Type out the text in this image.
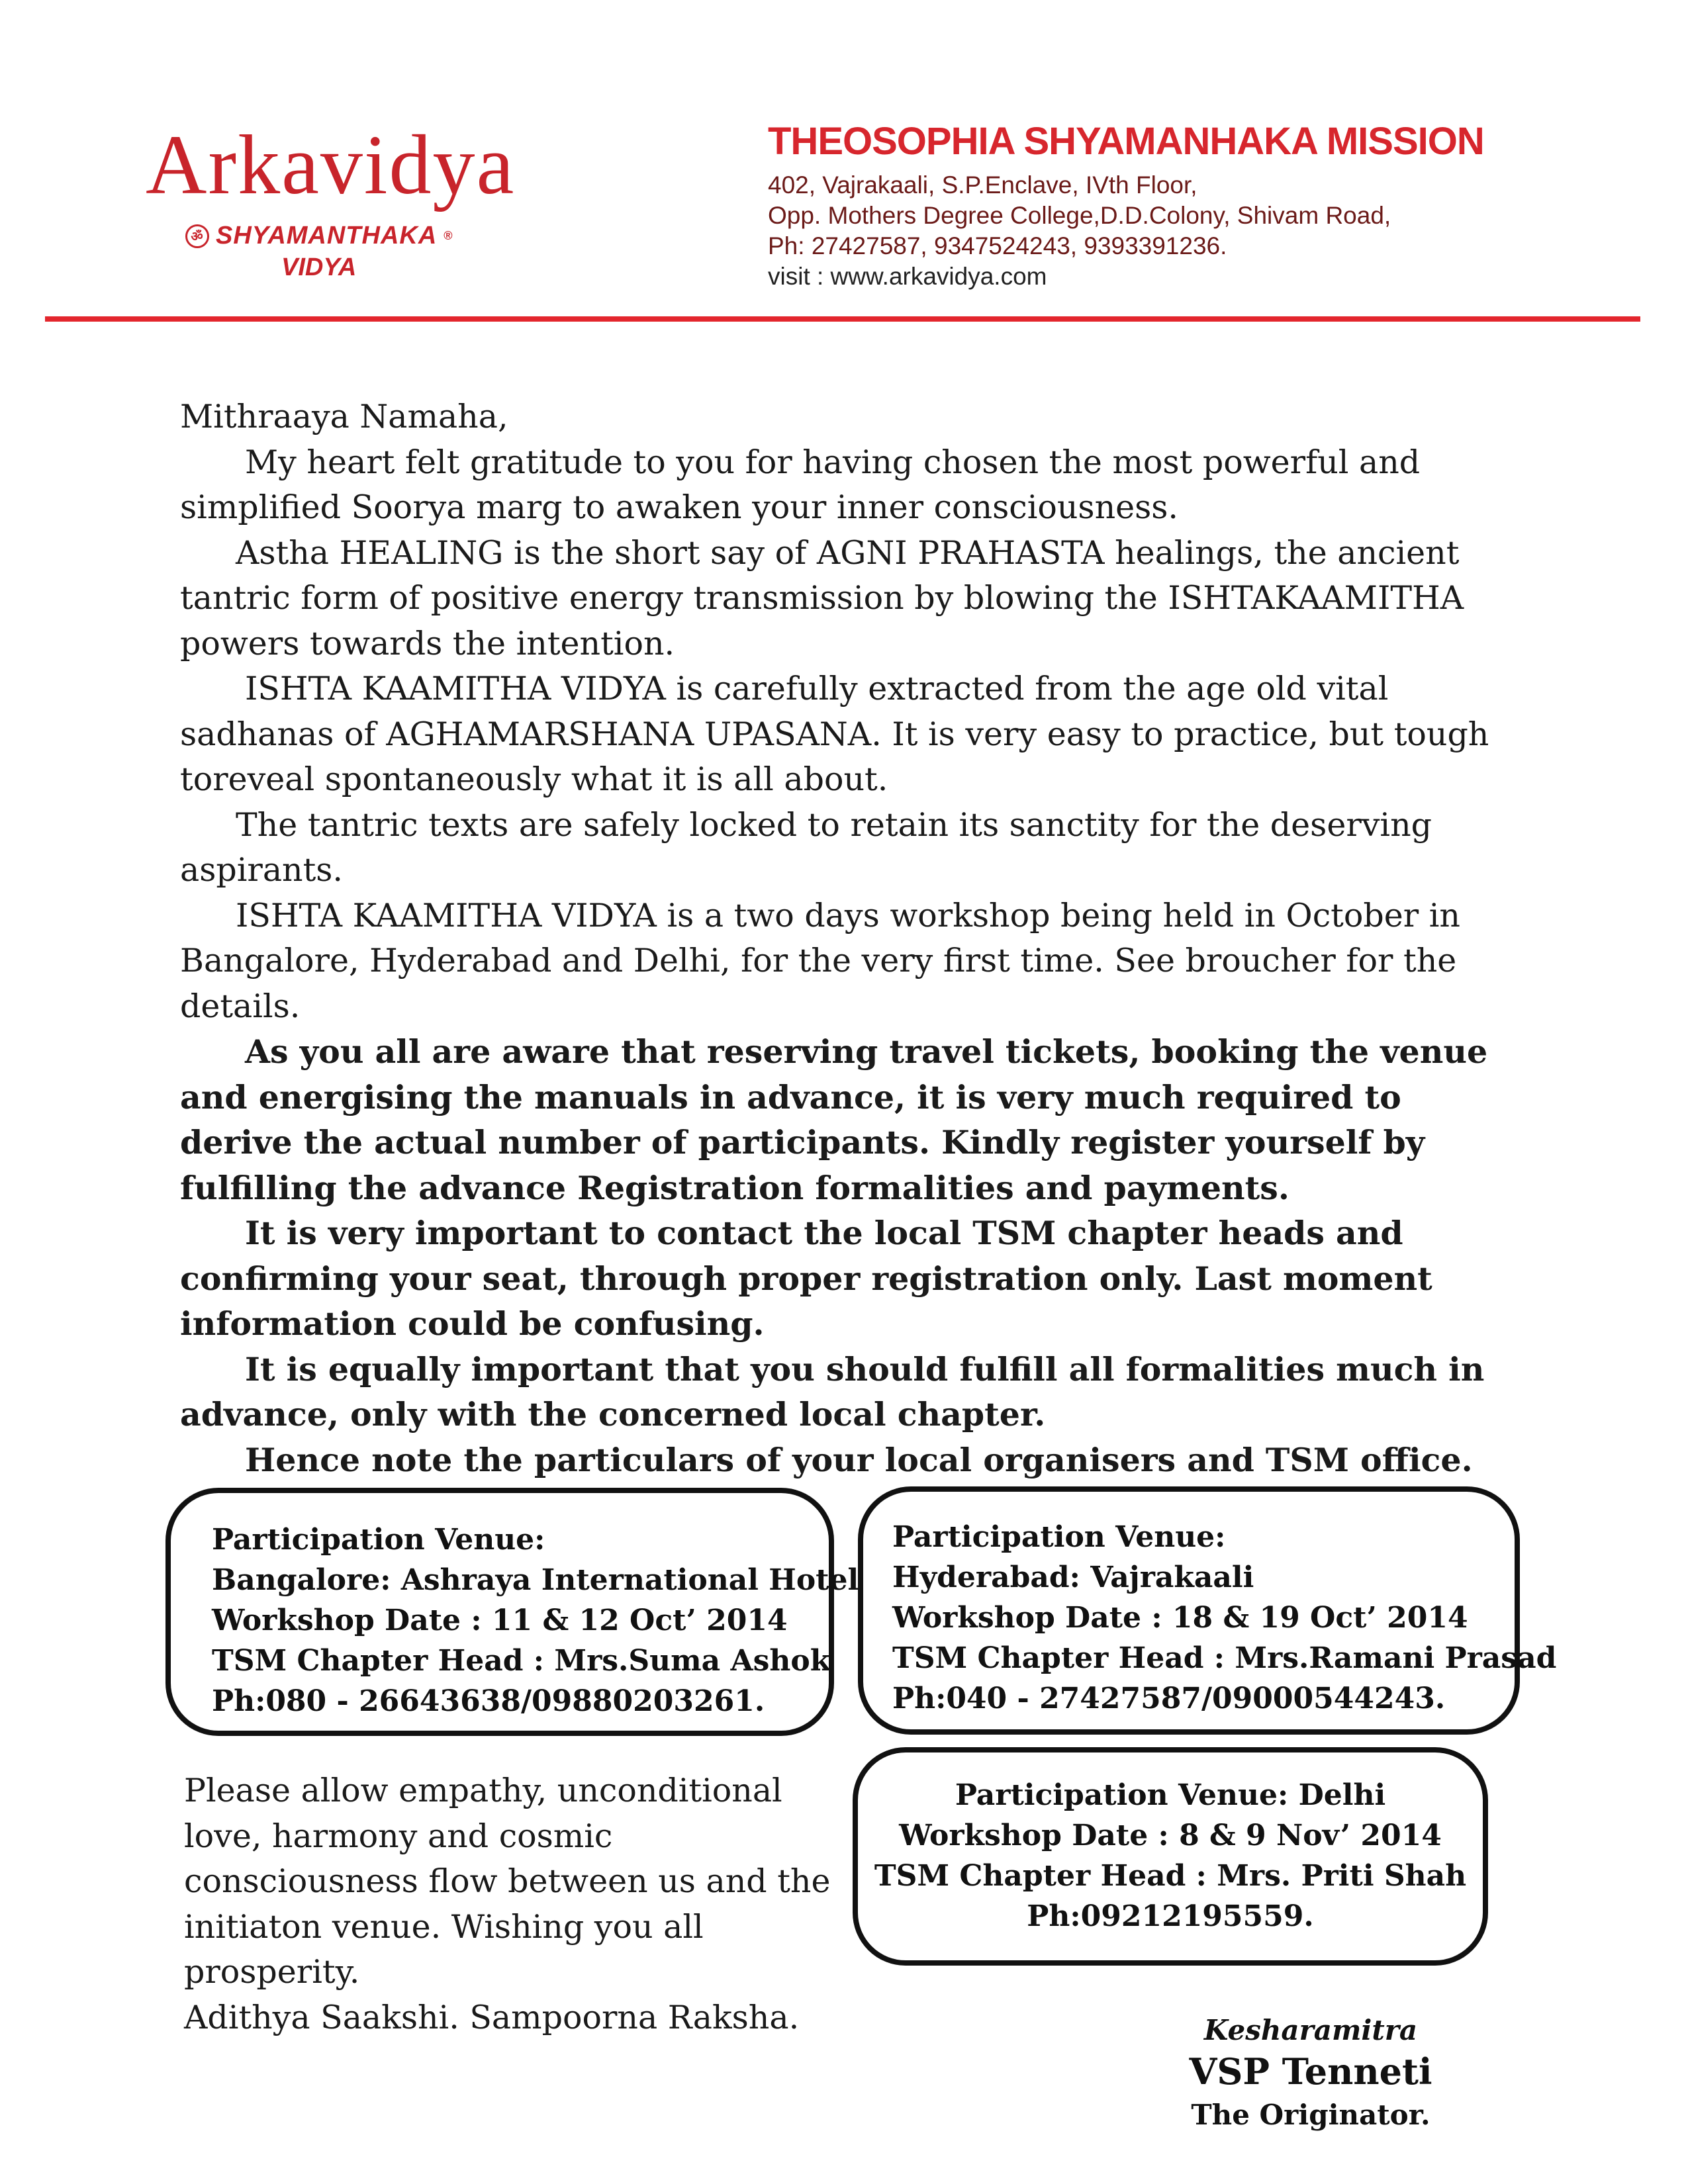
Arkavidya
ॐ SHYAMANTHAKA ®
VIDYA
THEOSOPHIA SHYAMANHAKA MISSION
402, Vajrakaali, S.P.Enclave, IVth Floor,
Opp. Mothers Degree College,D.D.Colony, Shivam Road,
Ph: 27427587, 9347524243, 9393391236.
visit : www.arkavidya.com

Mithraaya Namaha,

My heart felt gratitude to you for having chosen the most powerful and simplified Soorya marg to awaken your inner consciousness.

Astha HEALING is the short say of AGNI PRAHASTA healings, the ancient tantric form of positive energy transmission by blowing the ISHTAKAAMITHA powers towards the intention.

ISHTA KAAMITHA VIDYA is carefully extracted from the age old vital sadhanas of AGHAMARSHANA UPASANA. It is very easy to practice, but tough toreveal spontaneously what it is all about.

The tantric texts are safely locked to retain its sanctity for the deserving aspirants.

ISHTA KAAMITHA VIDYA is a two days workshop being held in October in Bangalore, Hyderabad and Delhi, for the very first time. See broucher for the details.

As you all are aware that reserving travel tickets, booking the venue and energising the manuals in advance, it is very much required to derive the actual number of participants. Kindly register yourself by fulfilling the advance Registration formalities and payments.

It is very important to contact the local TSM chapter heads and confirming your seat, through proper registration only. Last moment information could be confusing.

It is equally important that you should fulfill all formalities much in advance, only with the concerned local chapter.

Hence note the particulars of your local organisers and TSM office.

Participation Venue:
Bangalore: Ashraya International Hotel
Workshop Date : 11 & 12 Oct’ 2014
TSM Chapter Head : Mrs.Suma Ashok
Ph:080 - 26643638/09880203261.
Participation Venue:
Hyderabad: Vajrakaali
Workshop Date : 18 & 19 Oct’ 2014
TSM Chapter Head : Mrs.Ramani Prasad
Ph:040 - 27427587/09000544243.
Participation Venue: Delhi
Workshop Date : 8 & 9 Nov’ 2014
TSM Chapter Head : Mrs. Priti Shah
Ph:09212195559.

Please allow empathy, unconditional love, harmony and cosmic consciousness flow between us and the initiaton venue. Wishing you all prosperity.

Adithya Saakshi. Sampoorna Raksha.	Kesharamitra
VSP Tenneti
The Originator.
